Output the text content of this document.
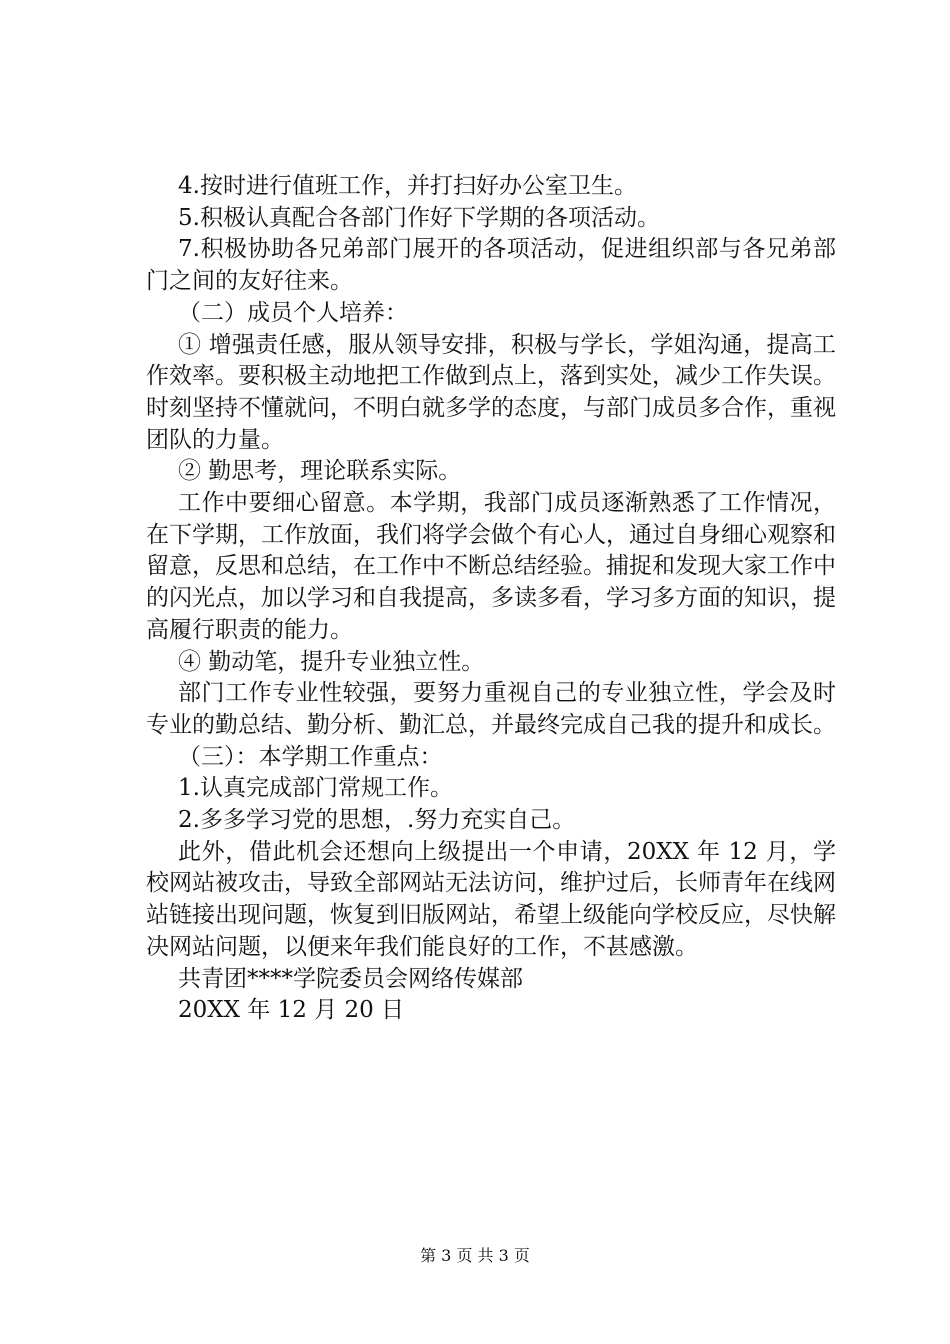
4.按时进行值班工作，并打扫好办公室卫生。

5.积极认真配合各部门作好下学期的各项活动。

7.积极协助各兄弟部门展开的各项活动，促进组织部与各兄弟部门之间的友好往来。

（二）成员个人培养：

① 增强责任感，服从领导安排，积极与学长，学姐沟通，提高工作效率。要积极主动地把工作做到点上，落到实处，减少工作失误。时刻坚持不懂就问，不明白就多学的态度，与部门成员多合作，重视团队的力量。

② 勤思考，理论联系实际。

工作中要细心留意。本学期，我部门成员逐渐熟悉了工作情况，在下学期，工作放面，我们将学会做个有心人，通过自身细心观察和留意，反思和总结，在工作中不断总结经验。捕捉和发现大家工作中的闪光点，加以学习和自我提高，多读多看，学习多方面的知识，提高履行职责的能力。

④ 勤动笔，提升专业独立性。

部门工作专业性较强，要努力重视自己的专业独立性，学会及时专业的勤总结、勤分析、勤汇总，并最终完成自己我的提升和成长。

（三）：本学期工作重点：

1.认真完成部门常规工作。

2.多多学习党的思想，.努力充实自己。

此外，借此机会还想向上级提出一个申请，20XX 年 12 月，学校网站被攻击，导致全部网站无法访问，维护过后，长师青年在线网站链接出现问题，恢复到旧版网站，希望上级能向学校反应，尽快解决网站问题，以便来年我们能良好的工作，不甚感激。

共青团****学院委员会网络传媒部

20XX 年 12 月 20 日

第 3 页 共 3 页
